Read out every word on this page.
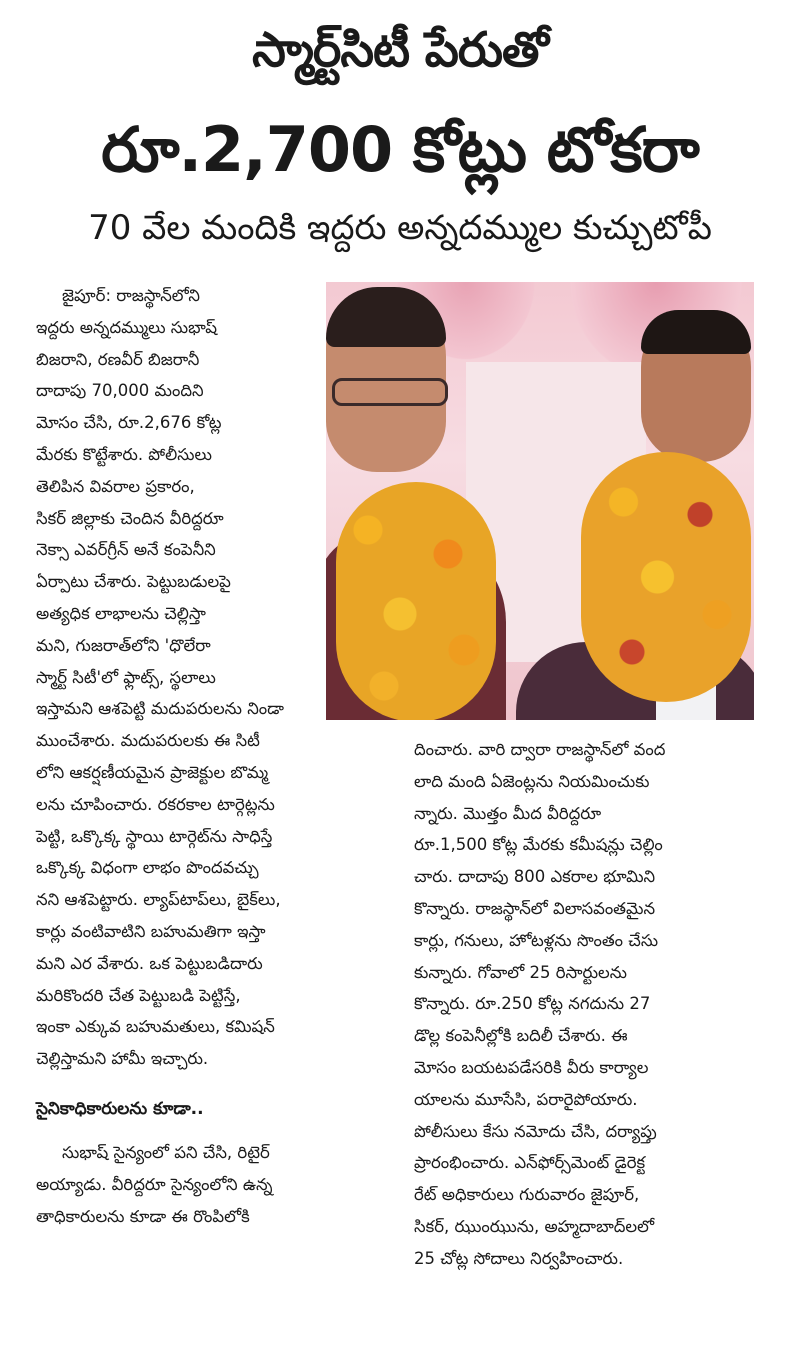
స్మార్ట్‌సిటీ పేరుతో
రూ.2,700 కోట్లు టోకరా
70 వేల మందికి ఇద్దరు అన్నదమ్ముల కుచ్చుటోపీ

జైపూర్: రాజస్థాన్‌లోని

ఇద్దరు అన్నదమ్ములు సుభాష్

బిజరాని, రణవీర్ బిజరానీ

దాదాపు 70,000 మందిని

మోసం చేసి, రూ.2,676 కోట్ల

మేరకు కొట్టేశారు. పోలీసులు

తెలిపిన వివరాల ప్రకారం,

సికర్ జిల్లాకు చెందిన వీరిద్దరూ

నెక్సా ఎవర్‌గ్రీన్ అనే కంపెనీని

ఏర్పాటు చేశారు. పెట్టుబడులపై

అత్యధిక లాభాలను చెల్లిస్తా

మని, గుజరాత్‌లోని 'ధొలేరా

స్మార్ట్ సిటీ'లో ఫ్లాట్స్, స్థలాలు

ఇస్తామని ఆశపెట్టి మదుపరులను నిండా

ముంచేశారు. మదుపరులకు ఈ సిటీ

లోని ఆకర్షణీయమైన ప్రాజెక్టుల బొమ్మ

లను చూపించారు. రకరకాల టార్గెట్లను

పెట్టి, ఒక్కొక్క స్థాయి టార్గెట్‌ను సాధిస్తే

ఒక్కొక్క విధంగా లాభం పొందవచ్చు

నని ఆశపెట్టారు. ల్యాప్‌టాప్‌లు, బైక్‌లు,

కార్లు వంటివాటిని బహుమతిగా ఇస్తా

మని ఎర వేశారు. ఒక పెట్టుబడిదారు

మరికొందరి చేత పెట్టుబడి పెట్టిస్తే,

ఇంకా ఎక్కువ బహుమతులు, కమిషన్

చెల్లిస్తామని హామీ ఇచ్చారు.

సైనికాధికారులను కూడా..

సుభాష్ సైన్యంలో పని చేసి, రిటైర్

అయ్యాడు. వీరిద్దరూ సైన్యంలోని ఉన్న

తాధికారులను కూడా ఈ రొంపిలోకి

దించారు. వారి ద్వారా రాజస్థాన్‌లో వంద

లాది మంది ఏజెంట్లను నియమించుకు

న్నారు. మొత్తం మీద వీరిద్దరూ

రూ.1,500 కోట్ల మేరకు కమీషన్లు చెల్లిం

చారు. దాదాపు 800 ఎకరాల భూమిని

కొన్నారు. రాజస్థాన్‌లో విలాసవంతమైన

కార్లు, గనులు, హోటళ్లను సొంతం చేసు

కున్నారు. గోవాలో 25 రిసార్టులను

కొన్నారు. రూ.250 కోట్ల నగదును 27

డొల్ల కంపెనీల్లోకి బదిలీ చేశారు. ఈ

మోసం బయటపడేసరికి వీరు కార్యాల

యాలను మూసేసి, పరారైపోయారు.

పోలీసులు కేసు నమోదు చేసి, దర్యాప్తు

ప్రారంభించారు. ఎన్‌ఫోర్స్‌మెంట్ డైరెక్ట

రేట్ అధికారులు గురువారం జైపూర్,

సికర్, ఝుంఝును, అహ్మదాబాద్‌లలో

25 చోట్ల సోదాలు నిర్వహించారు.
